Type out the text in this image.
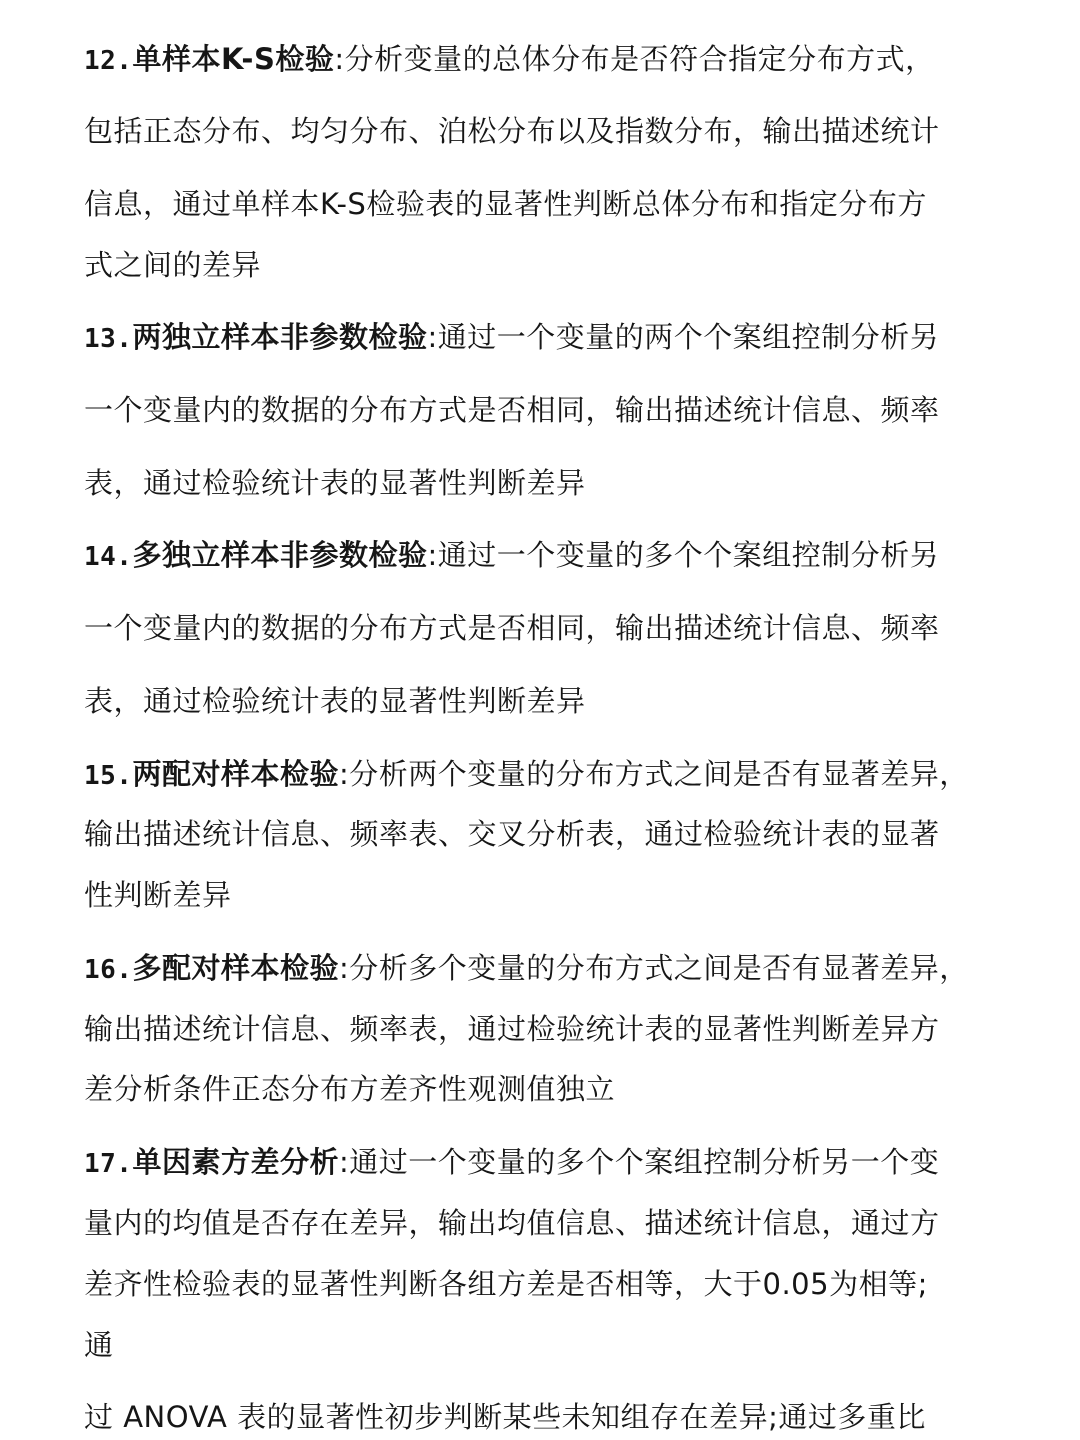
12.单样本K-S检验:分析变量的总体分布是否符合指定分布方式，
包括正态分布、均匀分布、泊松分布以及指数分布，输出描述统计
信息，通过单样本K-S检验表的显著性判断总体分布和指定分布方
式之间的差异
13.两独立样本非参数检验:通过一个变量的两个个案组控制分析另
一个变量内的数据的分布方式是否相同，输出描述统计信息、频率
表，通过检验统计表的显著性判断差异
14.多独立样本非参数检验:通过一个变量的多个个案组控制分析另
一个变量内的数据的分布方式是否相同，输出描述统计信息、频率
表，通过检验统计表的显著性判断差异
15.两配对样本检验:分析两个变量的分布方式之间是否有显著差异，
输出描述统计信息、频率表、交叉分析表，通过检验统计表的显著
性判断差异
16.多配对样本检验:分析多个变量的分布方式之间是否有显著差异，
输出描述统计信息、频率表，通过检验统计表的显著性判断差异方
差分析条件正态分布方差齐性观测值独立
17.单因素方差分析:通过一个变量的多个个案组控制分析另一个变
量内的均值是否存在差异，输出均值信息、描述统计信息，通过方
差齐性检验表的显著性判断各组方差是否相等，大于0.05为相等;
通
过 ANOVA 表的显著性初步判断某些未知组存在差异;通过多重比
